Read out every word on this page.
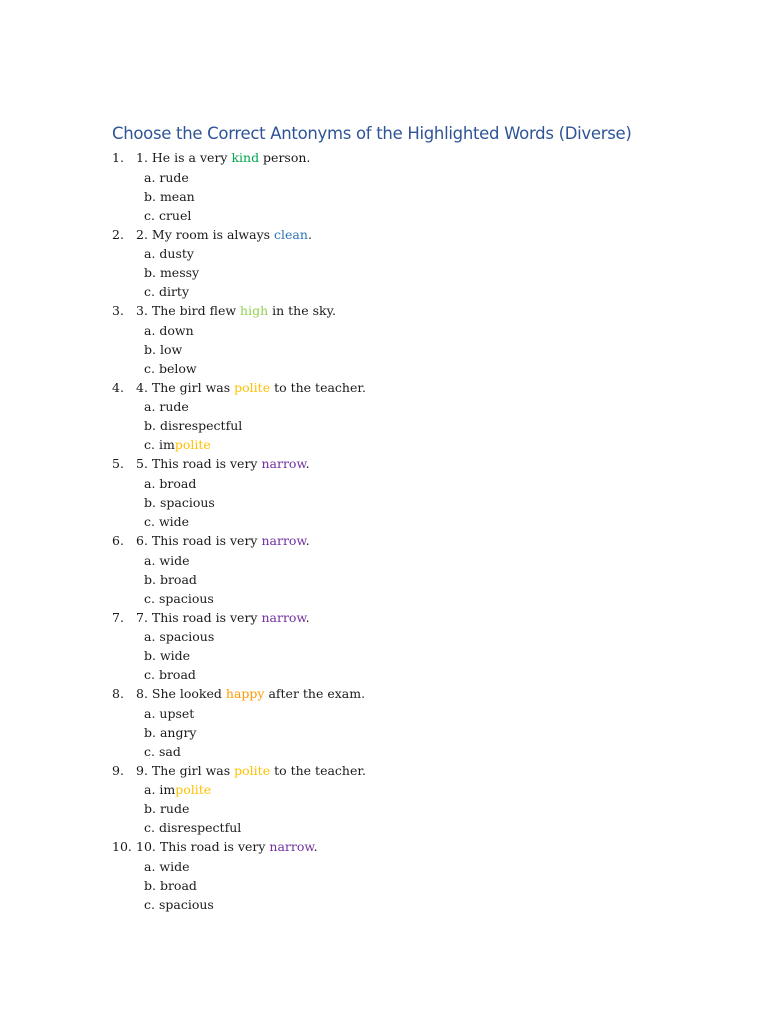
Choose the Correct Antonyms of the Highlighted Words (Diverse)
1. 1. He is a very kind person.
a. rude
b. mean
c. cruel
2. 2. My room is always clean.
a. dusty
b. messy
c. dirty
3. 3. The bird flew high in the sky.
a. down
b. low
c. below
4. 4. The girl was polite to the teacher.
a. rude
b. disrespectful
c. impolite
5. 5. This road is very narrow.
a. broad
b. spacious
c. wide
6. 6. This road is very narrow.
a. wide
b. broad
c. spacious
7. 7. This road is very narrow.
a. spacious
b. wide
c. broad
8. 8. She looked happy after the exam.
a. upset
b. angry
c. sad
9. 9. The girl was polite to the teacher.
a. impolite
b. rude
c. disrespectful
10. 10. This road is very narrow.
a. wide
b. broad
c. spacious
